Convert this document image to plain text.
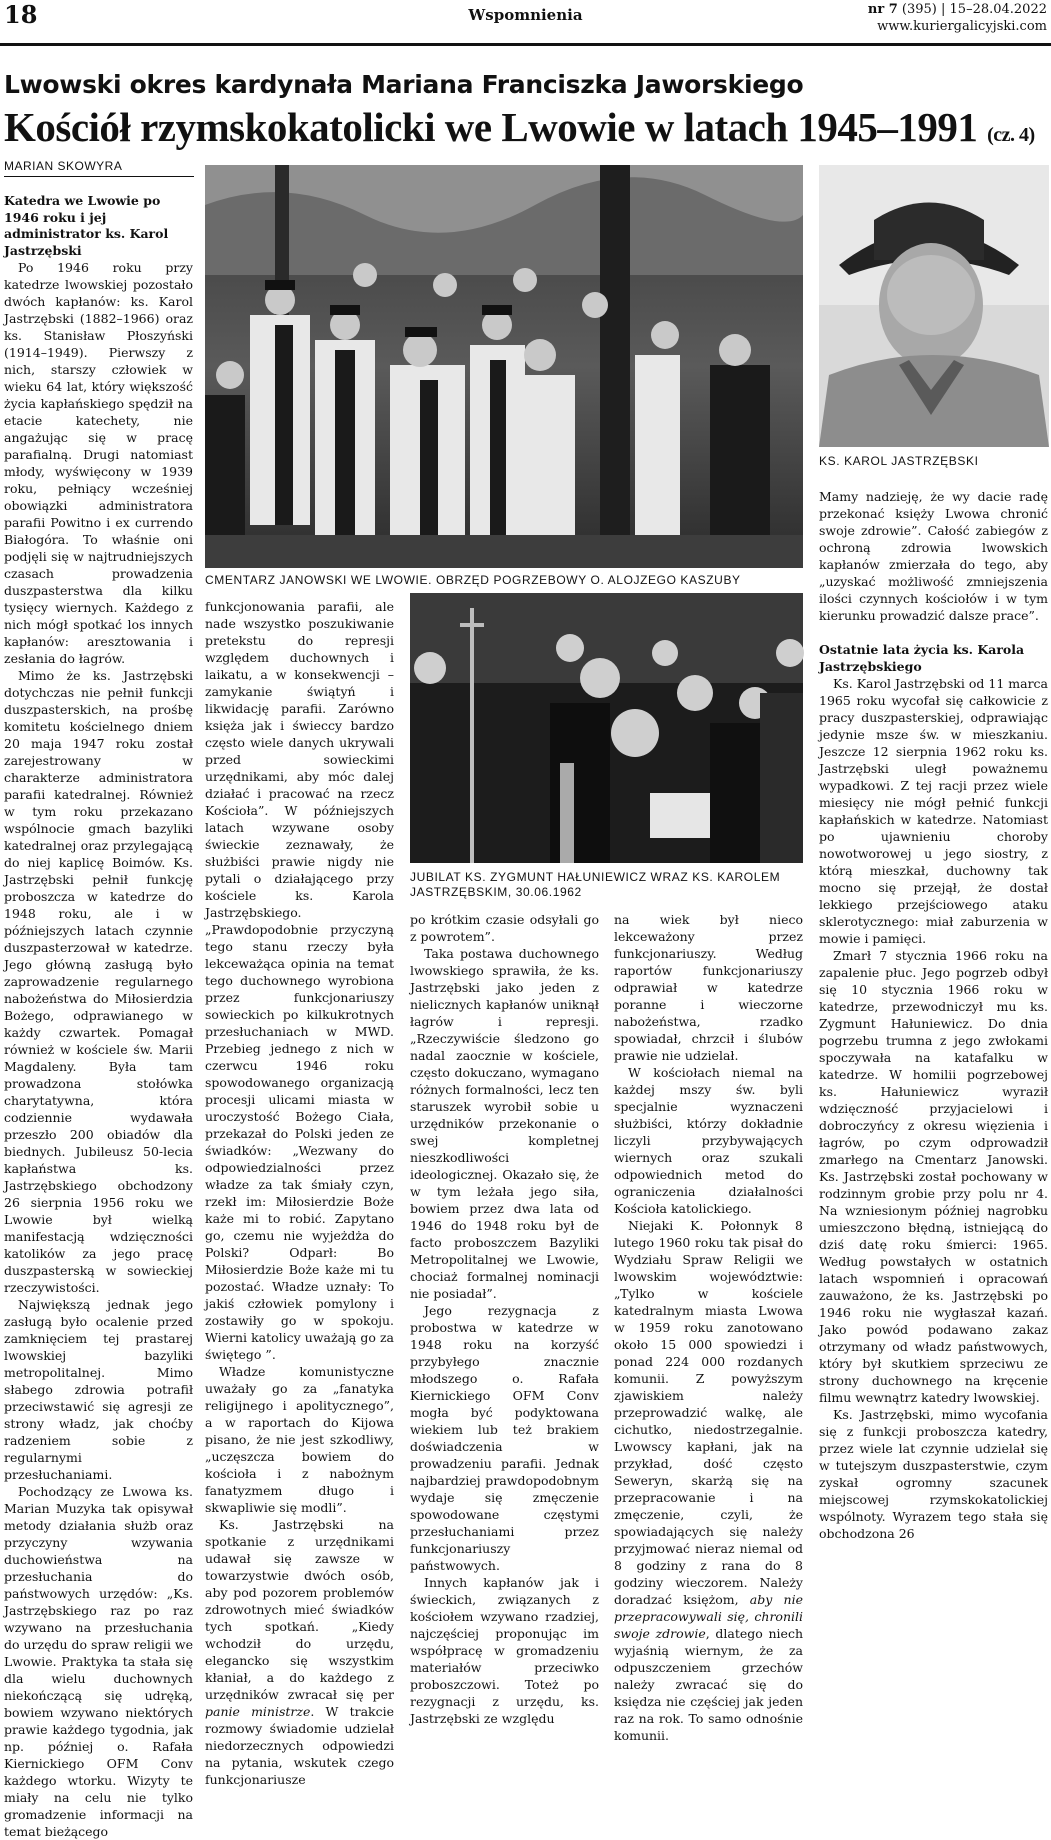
18	Wspomnienia	nr 7 (395) | 15–28.04.2022
www.kuriergalicyjski.com
Lwowski okres kardynała Mariana Franciszka Jaworskiego
Kościół rzymskokatolicki we Lwowie w latach 1945–1991 (cz. 4)
MARIAN SKOWYRA
CMENTARZ JANOWSKI WE LWOWIE. OBRZĘD POGRZEBOWY O. ALOJZEGO KASZUBY
JUBILAT KS. ZYGMUNT HAŁUNIEWICZ WRAZ KS. KAROLEM JASTRZĘBSKIM, 30.06.1962
KS. KAROL JASTRZĘBSKI
Katedra we Lwowie po 1946 roku i jej administrator ks. Karol Jastrzębski

Po 1946 roku przy katedrze lwowskiej pozostało dwóch kapłanów: ks. Karol Jastrzębski (1882–1966) oraz ks. Stanisław Płoszyński (1914–1949). Pierwszy z nich, starszy człowiek w wieku 64 lat, który większość życia kapłańskiego spędził na etacie katechety, nie angażując się w pracę parafialną. Drugi natomiast młody, wyświęcony w 1939 roku, pełniący wcześniej obowiązki administratora parafii Powitno i ex currendo Białogóra. To właśnie oni podjęli się w najtrudniejszych czasach prowadzenia duszpasterstwa dla kilku tysięcy wiernych. Każdego z nich mógł spotkać los innych kapłanów: aresztowania i zesłania do łagrów.

Mimo że ks. Jastrzębski dotychczas nie pełnił funkcji duszpasterskich, na prośbę komitetu kościelnego dniem 20 maja 1947 roku został zarejestrowany w charakterze administratora parafii katedralnej. Również w tym roku przekazano wspólnocie gmach bazyliki katedralnej oraz przylegającą do niej kaplicę Boimów. Ks. Jastrzębski pełnił funkcję proboszcza w katedrze do 1948 roku, ale i w późniejszych latach czynnie duszpasterzował w katedrze. Jego główną zasługą było zaprowadzenie regularnego nabożeństwa do Miłosierdzia Bożego, odprawianego w każdy czwartek. Pomagał również w kościele św. Marii Magdaleny. Była tam prowadzona stołówka charytatywna, która codziennie wydawała przeszło 200 obiadów dla biednych. Jubileusz 50-lecia kapłaństwa ks. Jastrzębskiego obchodzony 26 sierpnia 1956 roku we Lwowie był wielką manifestacją wdzięczności katolików za jego pracę duszpasterską w sowieckiej rzeczywistości.

Największą jednak jego zasługą było ocalenie przed zamknięciem tej prastarej lwowskiej bazyliki metropolitalnej. Mimo słabego zdrowia potrafił przeciwstawić się agresji ze strony władz, jak choćby radzeniem sobie z regularnymi przesłuchaniami.

Pochodzący ze Lwowa ks. Marian Muzyka tak opisywał metody działania służb oraz przyczyny wzywania duchowieństwa na przesłuchania do państwowych urzędów: „Ks. Jastrzębskiego raz po raz wzywano na przesłuchania do urzędu do spraw religii we Lwowie. Praktyka ta stała się dla wielu duchownych niekończącą się udręką, bowiem wzywano niektórych prawie każdego tygodnia, jak np. później o. Rafała Kiernickiego OFM Conv każdego wtorku. Wizyty te miały na celu nie tylko gromadzenie informacji na temat bieżącego

funkcjonowania parafii, ale nade wszystko poszukiwanie pretekstu do represji względem duchownych i laikatu, a w konsekwencji – zamykanie świątyń i likwidację parafii. Zarówno księża jak i świeccy bardzo często wiele danych ukrywali przed sowieckimi urzędnikami, aby móc dalej działać i pracować na rzecz Kościoła”. W późniejszych latach wzywane osoby świeckie zeznawały, że służbiści prawie nigdy nie pytali o działającego przy kościele ks. Karola Jastrzębskiego. „Prawdopodobnie przyczyną tego stanu rzeczy była lekceważąca opinia na temat tego duchownego wyrobiona przez funkcjonariuszy sowieckich po kilkukrotnych przesłuchaniach w MWD. Przebieg jednego z nich w czerwcu 1946 roku spowodowanego organizacją procesji ulicami miasta w uroczystość Bożego Ciała, przekazał do Polski jeden ze świadków: „Wezwany do odpowiedzialności przez władze za tak śmiały czyn, rzekł im: Miłosierdzie Boże każe mi to robić. Zapytano go, czemu nie wyjeżdża do Polski? Odparł: Bo Miłosierdzie Boże każe mi tu pozostać. Władze uznały: To jakiś człowiek pomylony i zostawiły go w spokoju. Wierni katolicy uważają go za świętego ”.

Władze komunistyczne uważały go za „fanatyka religijnego i apolitycznego”, a w raportach do Kijowa pisano, że nie jest szkodliwy, „uczęszcza bowiem do kościoła i z nabożnym fanatyzmem długo i skwapliwie się modli”.

Ks. Jastrzębski na spotkanie z urzędnikami udawał się zawsze w towarzystwie dwóch osób, aby pod pozorem problemów zdrowotnych mieć świadków tych spotkań. „Kiedy wchodził do urzędu, elegancko się wszystkim kłaniał, a do każdego z urzędników zwracał się per panie ministrze. W trakcie rozmowy świadomie udzielał niedorzecznych odpowiedzi na pytania, wskutek czego funkcjonariusze

po krótkim czasie odsyłali go z powrotem”.

Taka postawa duchownego lwowskiego sprawiła, że ks. Jastrzębski jako jeden z nielicznych kapłanów uniknął łagrów i represji. „Rzeczywiście śledzono go nadal zaocznie w kościele, często dokuczano, wymagano różnych formalności, lecz ten staruszek wyrobił sobie u urzędników przekonanie o swej kompletnej nieszkodliwości ideologicznej. Okazało się, że w tym leżała jego siła, bowiem przez dwa lata od 1946 do 1948 roku był de facto proboszczem Bazyliki Metropolitalnej we Lwowie, chociaż formalnej nominacji nie posiadał”.

Jego rezygnacja z probostwa w katedrze w 1948 roku na korzyść przybyłego znacznie młodszego o. Rafała Kiernickiego OFM Conv mogła być podyktowana wiekiem lub też brakiem doświadczenia w prowadzeniu parafii. Jednak najbardziej prawdopodobnym wydaje się zmęczenie spowodowane częstymi przesłuchaniami przez funkcjonariuszy państwowych.

Innych kapłanów jak i świeckich, związanych z kościołem wzywano rzadziej, najczęściej proponując im współpracę w gromadzeniu materiałów przeciwko proboszczowi. Toteż po rezygnacji z urzędu, ks. Jastrzębski ze względu

na wiek był nieco lekceważony przez funkcjonariuszy. Według raportów funkcjonariuszy odprawiał w katedrze poranne i wieczorne nabożeństwa, rzadko spowiadał, chrzcił i ślubów prawie nie udzielał.

W kościołach niemal na każdej mszy św. byli specjalnie wyznaczeni służbiści, którzy dokładnie liczyli przybywających wiernych oraz szukali odpowiednich metod do ograniczenia działalności Kościoła katolickiego.

Niejaki K. Połonnyk 8 lutego 1960 roku tak pisał do Wydziału Spraw Religii we lwowskim województwie: „Tylko w kościele katedralnym miasta Lwowa w 1959 roku zanotowano około 15 000 spowiedzi i ponad 224 000 rozdanych komunii. Z powyższym zjawiskiem należy przeprowadzić walkę, ale cichutko, niedostrzegalnie. Lwowscy kapłani, jak na przykład, dość często Seweryn, skarżą się na przepracowanie i na zmęczenie, czyli, że spowiadających się należy przyjmować nieraz niemal od 8 godziny z rana do 8 godziny wieczorem. Należy doradzać księżom, aby nie przepracowywali się, chronili swoje zdrowie, dlatego niech wyjaśnią wiernym, że za odpuszczeniem grzechów należy zwracać się do księdza nie częściej jak jeden raz na rok. To samo odnośnie komunii.

Mamy nadzieję, że wy dacie radę przekonać księży Lwowa chronić swoje zdrowie”. Całość zabiegów z ochroną zdrowia lwowskich kapłanów zmierzała do tego, aby „uzyskać możliwość zmniejszenia ilości czynnych kościołów i w tym kierunku prowadzić dalsze prace”.

Ostatnie lata życia ks. Karola Jastrzębskiego

Ks. Karol Jastrzębski od 11 marca 1965 roku wycofał się całkowicie z pracy duszpasterskiej, odprawiając jedynie msze św. w mieszkaniu. Jeszcze 12 sierpnia 1962 roku ks. Jastrzębski uległ poważnemu wypadkowi. Z tej racji przez wiele miesięcy nie mógł pełnić funkcji kapłańskich w katedrze. Natomiast po ujawnieniu choroby nowotworowej u jego siostry, z którą mieszkał, duchowny tak mocno się przejął, że dostał lekkiego przejściowego ataku sklerotycznego: miał zaburzenia w mowie i pamięci.

Zmarł 7 stycznia 1966 roku na zapalenie płuc. Jego pogrzeb odbył się 10 stycznia 1966 roku w katedrze, przewodniczył mu ks. Zygmunt Hałuniewicz. Do dnia pogrzebu trumna z jego zwłokami spoczywała na katafalku w katedrze. W homilii pogrzebowej ks. Hałuniewicz wyraził wdzięczność przyjacielowi i dobroczyńcy z okresu więzienia i łagrów, po czym odprowadził zmarłego na Cmentarz Janowski. Ks. Jastrzębski został pochowany w rodzinnym grobie przy polu nr 4. Na wzniesionym później nagrobku umieszczono błędną, istniejącą do dziś datę roku śmierci: 1965. Według powstałych w ostatnich latach wspomnień i opracowań zauważono, że ks. Jastrzębski po 1946 roku nie wygłaszał kazań. Jako powód podawano zakaz otrzymany od władz państwowych, który był skutkiem sprzeciwu ze strony duchownego na kręcenie filmu wewnątrz katedry lwowskiej.

Ks. Jastrzębski, mimo wycofania się z funkcji proboszcza katedry, przez wiele lat czynnie udzielał się w tutejszym duszpasterstwie, czym zyskał ogromny szacunek miejscowej rzymskokatolickiej wspólnoty. Wyrazem tego stała się obchodzona 26
